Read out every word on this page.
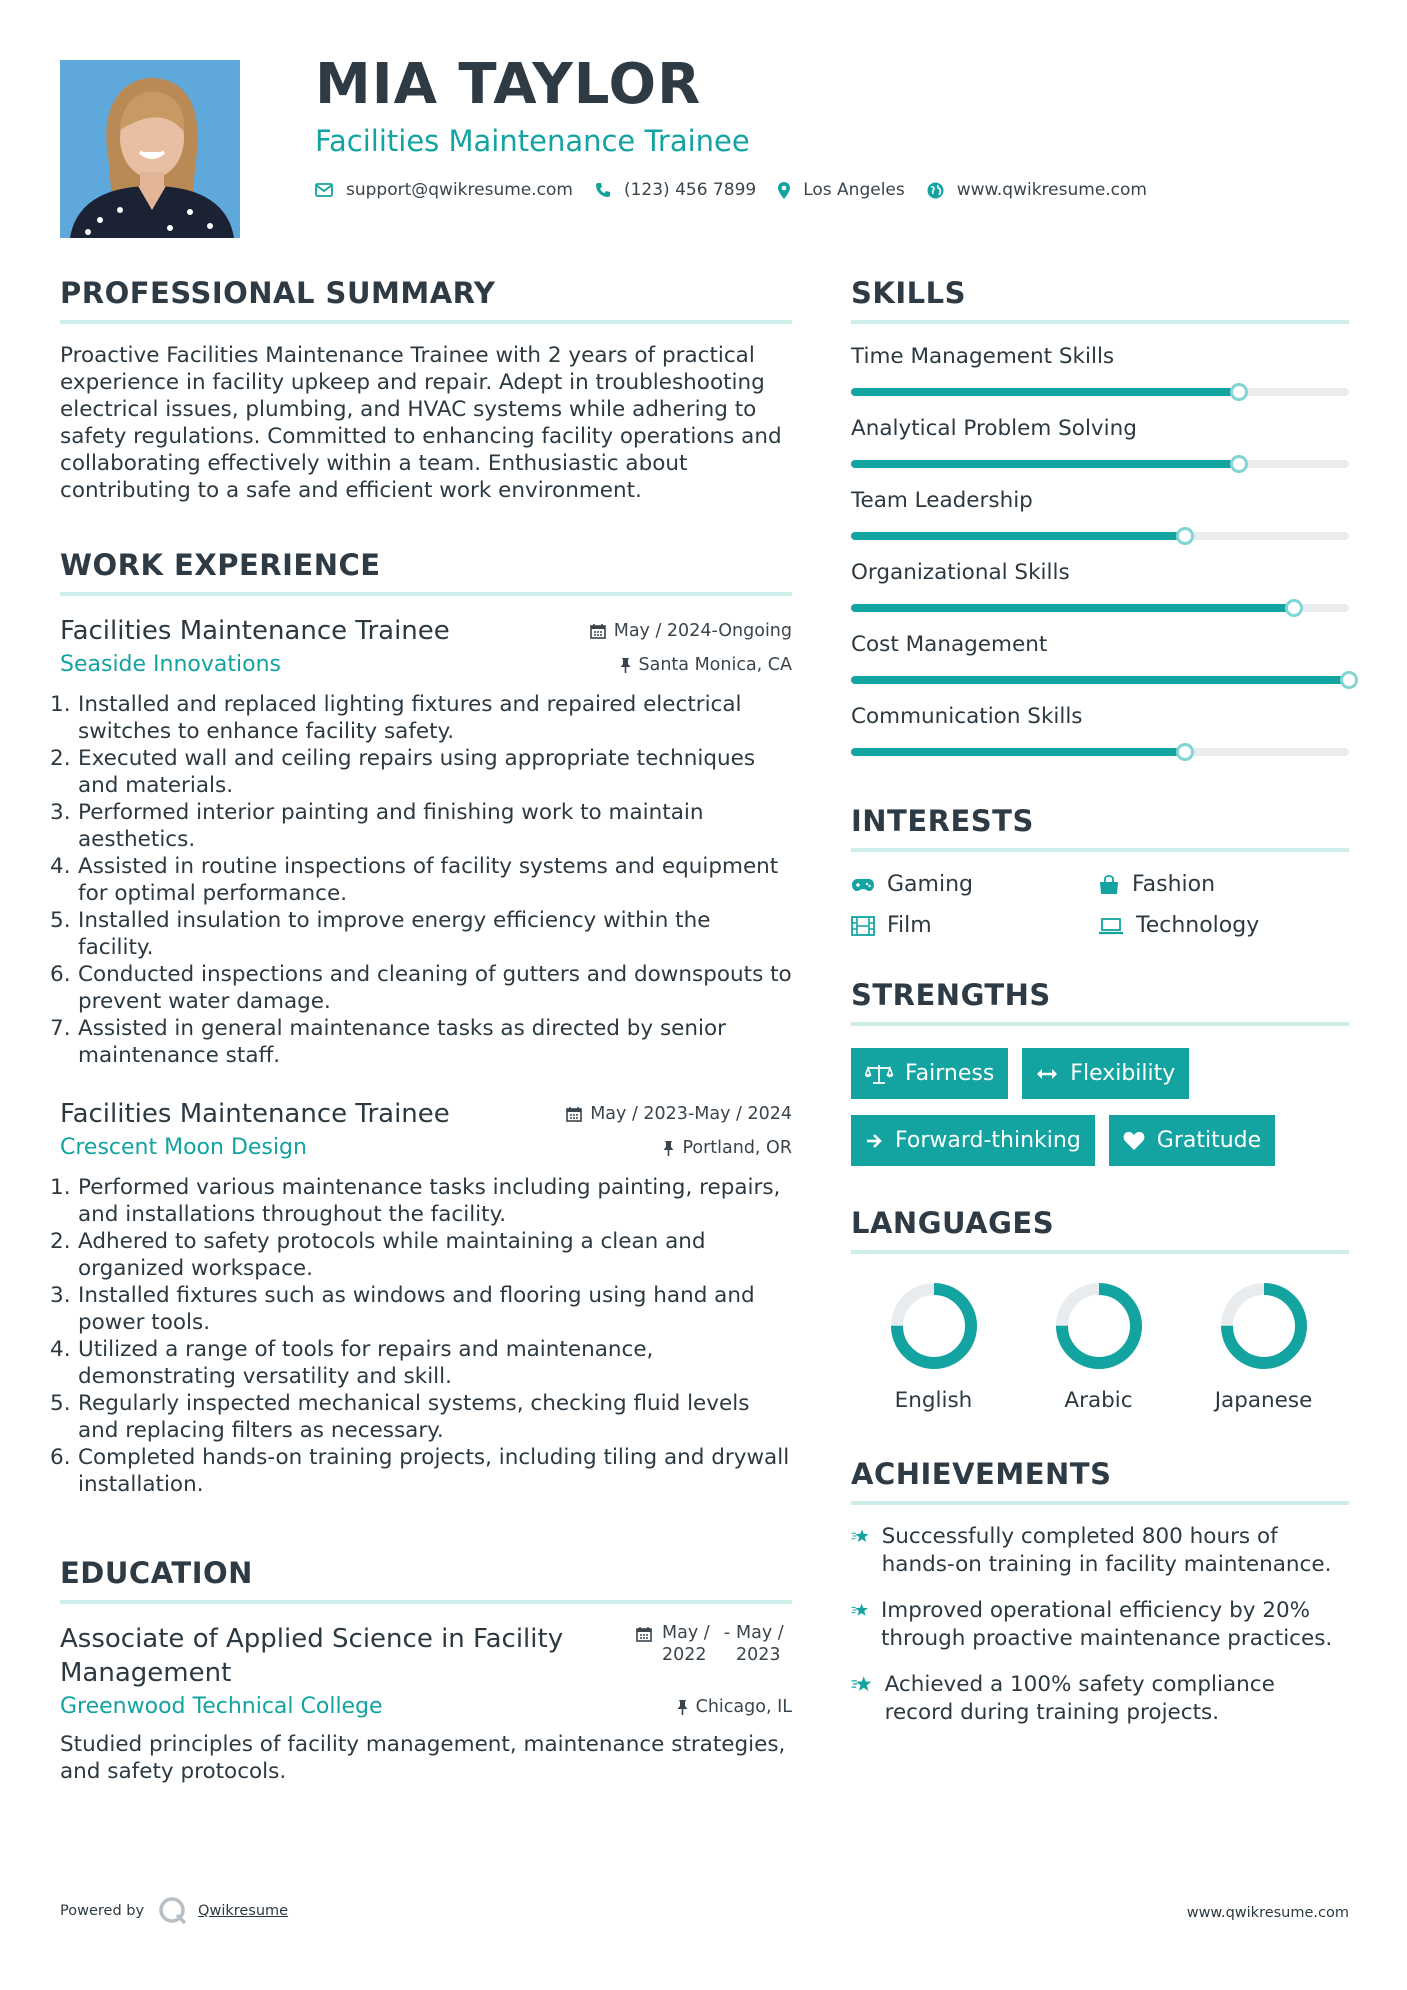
MIA TAYLOR
Facilities Maintenance Trainee
support@qwikresume.com	(123) 456 7899	Los Angeles	www.qwikresume.com
PROFESSIONAL SUMMARY
Proactive Facilities Maintenance Trainee with 2 years of practical experience in facility upkeep and repair. Adept in troubleshooting electrical issues, plumbing, and HVAC systems while adhering to safety regulations. Committed to enhancing facility operations and collaborating effectively within a team. Enthusiastic about contributing to a safe and efficient work environment.
WORK EXPERIENCE
Facilities Maintenance Trainee	May / 2024-Ongoing
Seaside Innovations	Santa Monica, CA
Installed and replaced lighting fixtures and repaired electrical switches to enhance facility safety.
Executed wall and ceiling repairs using appropriate techniques and materials.
Performed interior painting and finishing work to maintain aesthetics.
Assisted in routine inspections of facility systems and equipment for optimal performance.
Installed insulation to improve energy efficiency within the facility.
Conducted inspections and cleaning of gutters and downspouts to prevent water damage.
Assisted in general maintenance tasks as directed by senior maintenance staff.
Facilities Maintenance Trainee	May / 2023-May / 2024
Crescent Moon Design	Portland, OR
Performed various maintenance tasks including painting, repairs, and installations throughout the facility.
Adhered to safety protocols while maintaining a clean and organized workspace.
Installed fixtures such as windows and flooring using hand and power tools.
Utilized a range of tools for repairs and maintenance, demonstrating versatility and skill.
Regularly inspected mechanical systems, checking fluid levels and replacing filters as necessary.
Completed hands-on training projects, including tiling and drywall installation.
EDUCATION
Associate of Applied Science in Facility Management
May / 2022
- May / 2023
Greenwood Technical College	Chicago, IL
Studied principles of facility management, maintenance strategies, and safety protocols.
SKILLS
Time Management Skills
Analytical Problem Solving
Team Leadership
Organizational Skills
Cost Management
Communication Skills
INTERESTS
Gaming	Fashion
Film	Technology
STRENGTHS
Fairness	Flexibility
Forward-thinking	Gratitude
LANGUAGES
English	Arabic	Japanese
ACHIEVEMENTS
Successfully completed 800 hours of hands-on training in facility maintenance.
Improved operational efficiency by 20% through proactive maintenance practices.
Achieved a 100% safety compliance record during training projects.
Powered by	Qwikresume	www.qwikresume.com
